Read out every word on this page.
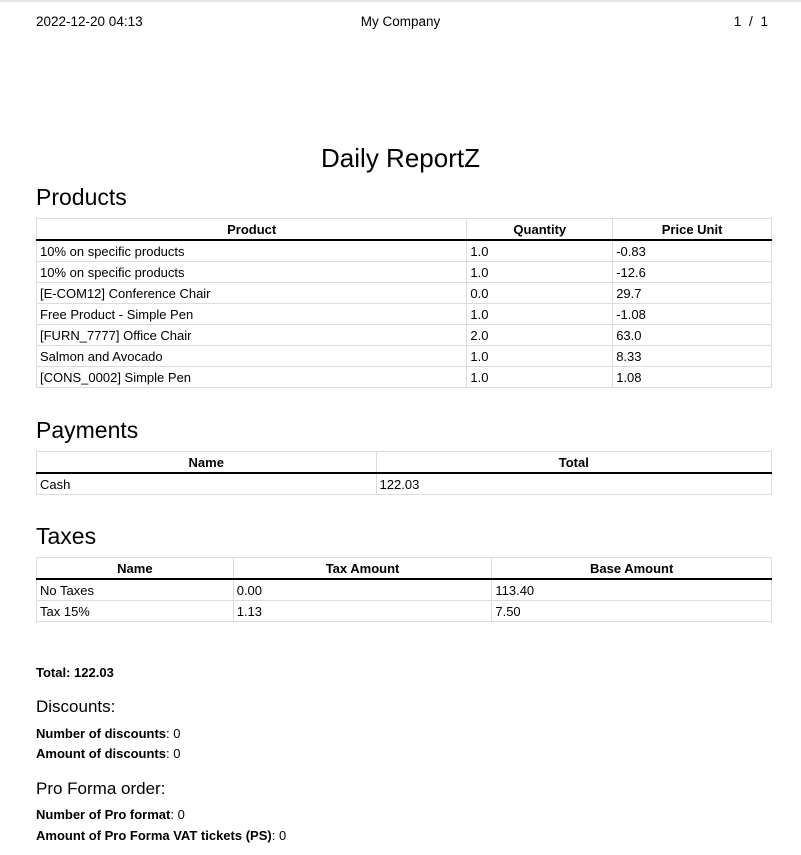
2022-12-20 04:13	My Company	1 / 1
Daily ReportZ
Products
Product	Quantity	Price Unit
10% on specific products	1.0	-0.83
10% on specific products	1.0	-12.6
[E-COM12] Conference Chair	0.0	29.7
Free Product - Simple Pen	1.0	-1.08
[FURN_7777] Office Chair	2.0	63.0
Salmon and Avocado	1.0	8.33
[CONS_0002] Simple Pen	1.0	1.08
Payments
Name	Total
Cash	122.03
Taxes
Name	Tax Amount	Base Amount
No Taxes	0.00	113.40
Tax 15%	1.13	7.50
Total: 122.03
Discounts:
Number of discounts: 0
Amount of discounts: 0
Pro Forma order:
Number of Pro format: 0
Amount of Pro Forma VAT tickets (PS): 0
